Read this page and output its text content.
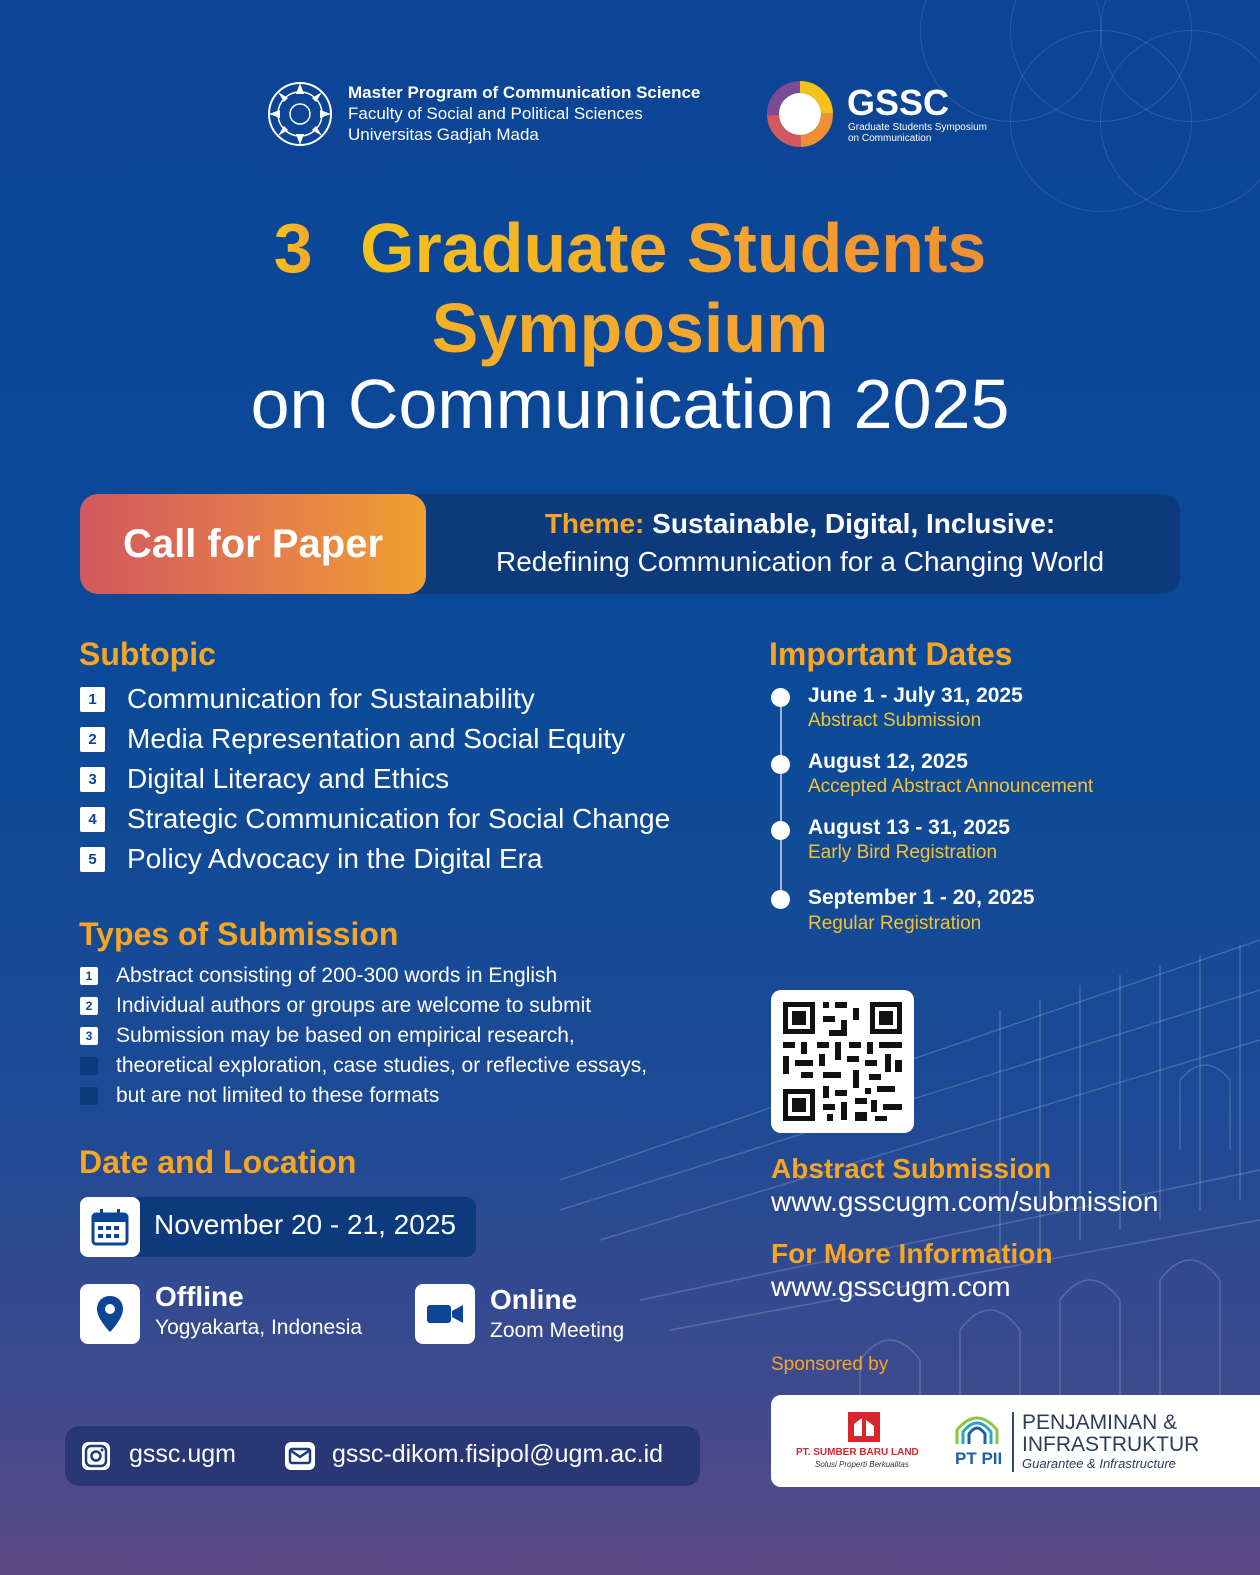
Master Program of Communication Science
Faculty of Social and Political Sciences
Universitas Gadjah Mada
GSSC
Graduate Students Symposium
on Communication
3rd Graduate Students
Symposium
on Communication 2025
Call for Paper	Theme: Sustainable, Digital, Inclusive:
Redefining Communication for a Changing World
Subtopic
1 Communication for Sustainability
2 Media Representation and Social Equity
3 Digital Literacy and Ethics
4 Strategic Communication for Social Change
5 Policy Advocacy in the Digital Era
Types of Submission
1 Abstract consisting of 200-300 words in English
2 Individual authors or groups are welcome to submit
3 Submission may be based on empirical research,
theoretical exploration, case studies, or reflective essays,
but are not limited to these formats
Date and Location
November 20 - 21, 2025
Offline
Yogyakarta, Indonesia
Online
Zoom Meeting
Important Dates
June 1 - July 31, 2025
Abstract Submission
August 12, 2025
Accepted Abstract Announcement
August 13 - 31, 2025
Early Bird Registration
September 1 - 20, 2025
Regular Registration
Abstract Submission
www.gsscugm.com/submission
For More Information
www.gsscugm.com
Sponsored by
PT. SUMBER BARU LAND
Solusi Properti Berkualitas	PT PII
PENJAMINAN &
INFRASTRUKTUR
Guarantee & Infrastructure
gssc.ugm	gssc-dikom.fisipol@ugm.ac.id
